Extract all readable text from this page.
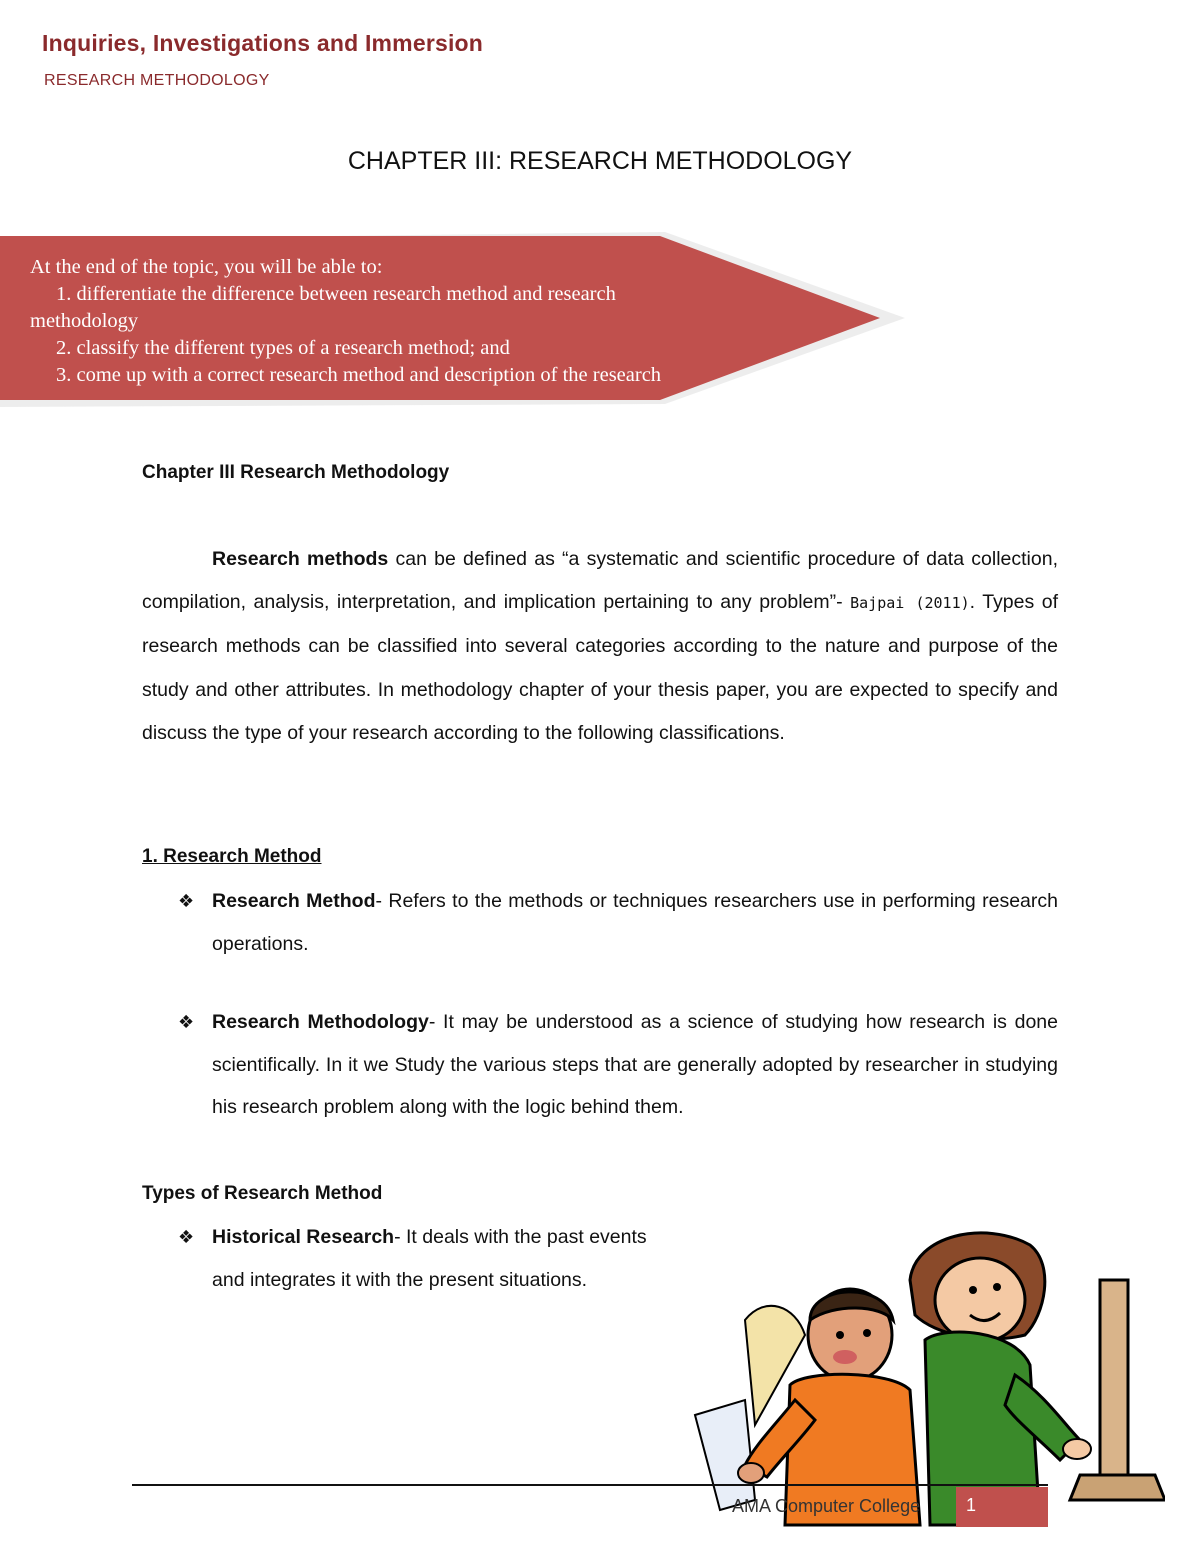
Inquiries, Investigations and Immersion
RESEARCH METHODOLOGY
CHAPTER III: RESEARCH METHODOLOGY
At the end of the topic, you will be able to:
1. differentiate the difference between research method and research
methodology
2. classify the different types of a research method; and
3. come up with a correct research method and description of the research
Chapter III Research Methodology
Research methods can be defined as “a systematic and scientific procedure of data collection, compilation, analysis, interpretation, and implication pertaining to any problem”- Bajpai (2011). Types of research methods can be classified into several categories according to the nature and purpose of the study and other attributes. In methodology chapter of your thesis paper, you are expected to specify and discuss the type of your research according to the following classifications.
1. Research Method
❖ Research Method- Refers to the methods or techniques researchers use in performing research operations.
❖ Research Methodology- It may be understood as a science of studying how research is done scientifically. In it we Study the various steps that are generally adopted by researcher in studying his research problem along with the logic behind them.
Types of Research Method
❖ Historical Research- It deals with the past events
and integrates it with the present situations.
AMA Computer College	1
